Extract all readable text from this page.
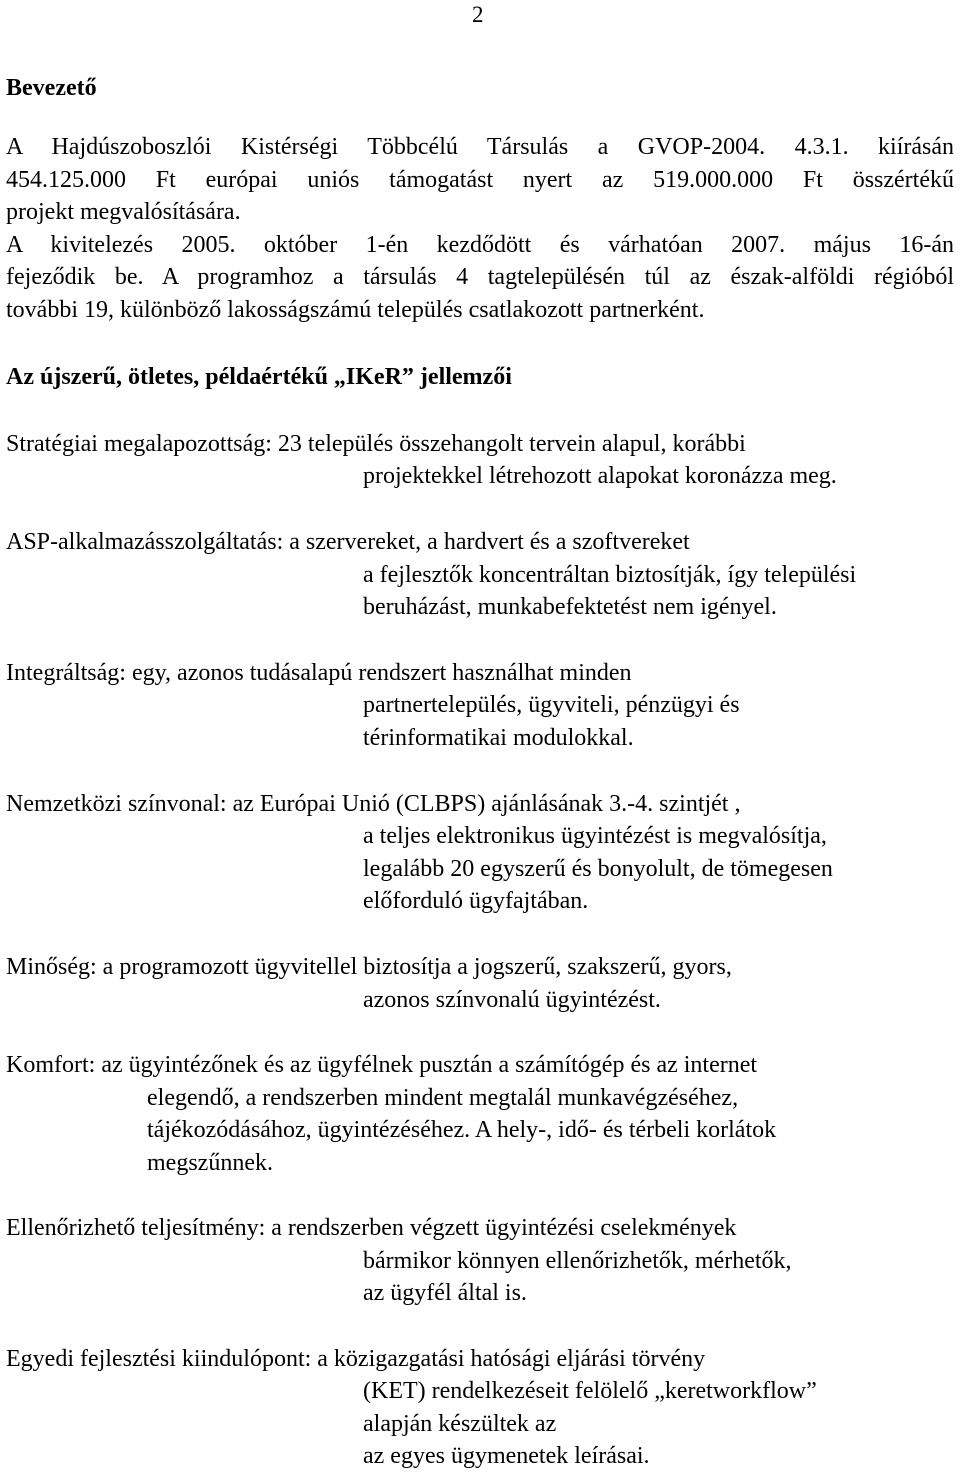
2
Bevezető
A Hajdúszoboszlói Kistérségi Többcélú Társulás a GVOP-2004. 4.3.1. kiírásán
454.125.000 Ft európai uniós támogatást nyert az 519.000.000 Ft összértékű
projekt megvalósítására.
A kivitelezés 2005. október 1-én kezdődött és várhatóan 2007. május 16-án
fejeződik be. A programhoz a társulás 4 tagtelepülésén túl az észak-alföldi régióból
további 19, különböző lakosságszámú település csatlakozott partnerként.
Az újszerű, ötletes, példaértékű „IKeR” jellemzői
Stratégiai megalapozottság: 23 település összehangolt tervein alapul, korábbi
projektekkel létrehozott alapokat koronázza meg.
ASP-alkalmazásszolgáltatás: a szervereket, a hardvert és a szoftvereket
a fejlesztők koncentráltan biztosítják, így települési
beruházást, munkabefektetést nem igényel.
Integráltság: egy, azonos tudásalapú rendszert használhat minden
partnertelepülés, ügyviteli, pénzügyi és
térinformatikai modulokkal.
Nemzetközi színvonal: az Európai Unió (CLBPS) ajánlásának 3.-4. szintjét ,
a teljes elektronikus ügyintézést is megvalósítja,
legalább 20 egyszerű és bonyolult, de tömegesen
előforduló ügyfajtában.
Minőség: a programozott ügyvitellel biztosítja a jogszerű, szakszerű, gyors,
azonos színvonalú ügyintézést.
Komfort: az ügyintézőnek és az ügyfélnek pusztán a számítógép és az internet
elegendő, a rendszerben mindent megtalál munkavégzéséhez,
tájékozódásához, ügyintézéséhez. A hely-, idő- és térbeli korlátok
megszűnnek.
Ellenőrizhető teljesítmény: a rendszerben végzett ügyintézési cselekmények
bármikor könnyen ellenőrizhetők, mérhetők,
az ügyfél által is.
Egyedi fejlesztési kiindulópont: a közigazgatási hatósági eljárási törvény
(KET) rendelkezéseit felölelő „keretworkflow”
alapján készültek az
az egyes ügymenetek leírásai.
